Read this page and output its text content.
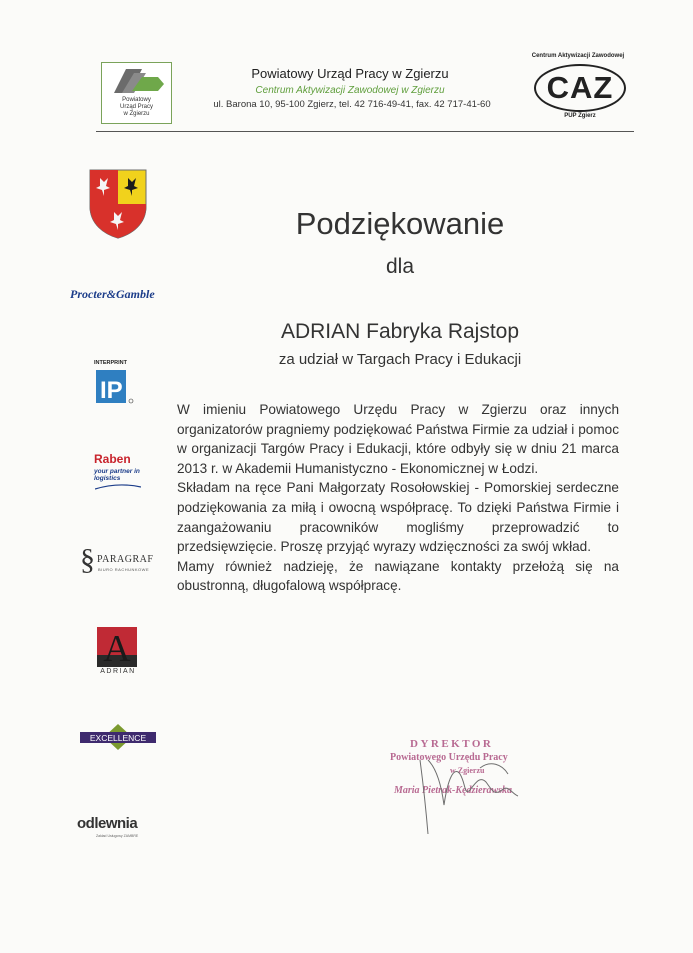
Powiatowy
Urząd Pracy
w Zgierzu
Powiatowy Urząd Pracy w Zgierzu
Centrum Aktywizacji Zawodowej w Zgierzu
ul. Barona 10, 95-100 Zgierz, tel. 42 716-49-41, fax. 42 717-41-60
Centrum Aktywizacji Zawodowej
CAZ
PUP Zgierz
Procter&Gamble
INTERPRINT
IP
Raben
your partner in logistics
§ PARAGRAF
BIURO RACHUNKOWE
A
ADRIAN
EXCELLENCE
odlewnia
Zakład Usługowy ZAMBRE
Podziękowanie
dla
ADRIAN Fabryka Rajstop
za udział w Targach Pracy i Edukacji

W imieniu Powiatowego Urzędu Pracy w Zgierzu oraz innych organizatorów pragniemy podziękować Państwa Firmie za udział i pomoc w organizacji Targów Pracy i Edukacji, które odbyły się w dniu 21 marca 2013 r. w Akademii Humanistyczno - Ekonomicznej w Łodzi.

Składam na ręce Pani Małgorzaty Rosołowskiej - Pomorskiej serdeczne podziękowania za miłą i owocną współpracę. To dzięki Państwa Firmie i zaangażowaniu pracowników mogliśmy przeprowadzić to przedsięwzięcie. Proszę przyjąć wyrazy wdzięczności za swój wkład.

Mamy również nadzieję, że nawiązane kontakty przełożą się na obustronną, długofalową współpracę.

DYREKTOR
Powiatowego Urzędu Pracy
w Zgierzu
Maria Pietrak-Kędzierawska
